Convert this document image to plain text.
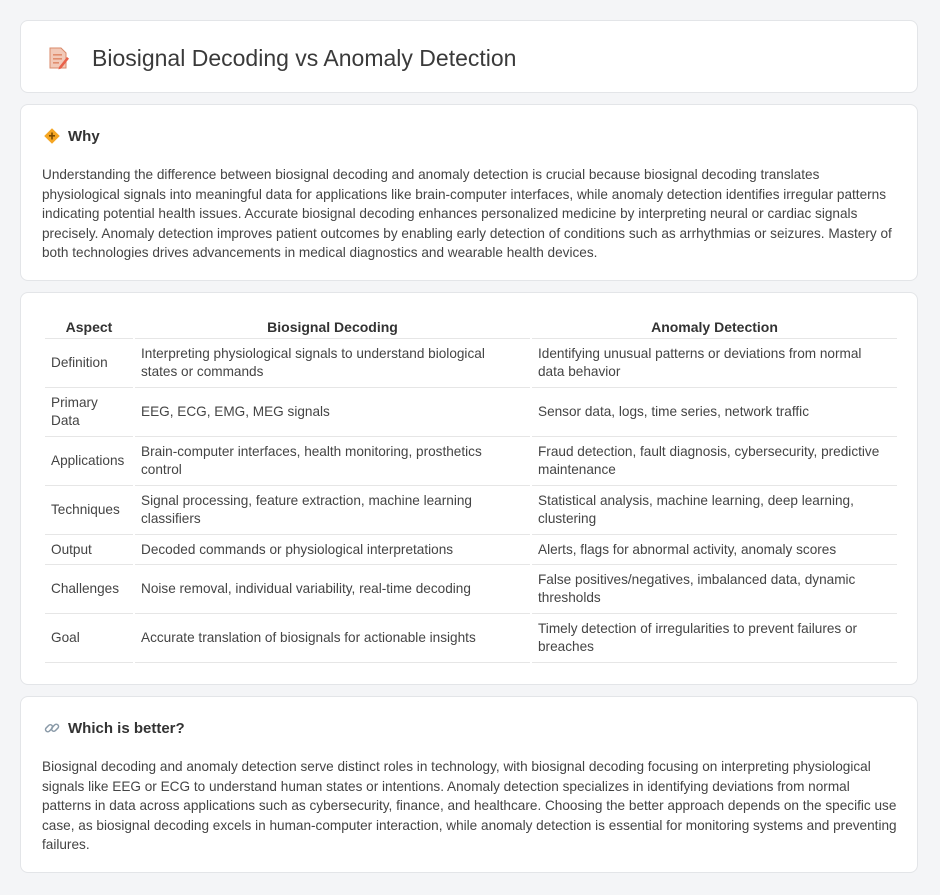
Biosignal Decoding vs Anomaly Detection
Why

Understanding the difference between biosignal decoding and anomaly detection is crucial because biosignal decoding translates physiological signals into meaningful data for applications like brain-computer interfaces, while anomaly detection identifies irregular patterns indicating potential health issues. Accurate biosignal decoding enhances personalized medicine by interpreting neural or cardiac signals precisely. Anomaly detection improves patient outcomes by enabling early detection of conditions such as arrhythmias or seizures. Mastery of both technologies drives advancements in medical diagnostics and wearable health devices.

Aspect	Biosignal Decoding	Anomaly Detection
Definition	Interpreting physiological signals to understand biological states or commands	Identifying unusual patterns or deviations from normal data behavior
Primary Data	EEG, ECG, EMG, MEG signals	Sensor data, logs, time series, network traffic
Applications	Brain-computer interfaces, health monitoring, prosthetics control	Fraud detection, fault diagnosis, cybersecurity, predictive maintenance
Techniques	Signal processing, feature extraction, machine learning classifiers	Statistical analysis, machine learning, deep learning, clustering
Output	Decoded commands or physiological interpretations	Alerts, flags for abnormal activity, anomaly scores
Challenges	Noise removal, individual variability, real-time decoding	False positives/negatives, imbalanced data, dynamic thresholds
Goal	Accurate translation of biosignals for actionable insights	Timely detection of irregularities to prevent failures or breaches
Which is better?

Biosignal decoding and anomaly detection serve distinct roles in technology, with biosignal decoding focusing on interpreting physiological signals like EEG or ECG to understand human states or intentions. Anomaly detection specializes in identifying deviations from normal patterns in data across applications such as cybersecurity, finance, and healthcare. Choosing the better approach depends on the specific use case, as biosignal decoding excels in human-computer interaction, while anomaly detection is essential for monitoring systems and preventing failures.
